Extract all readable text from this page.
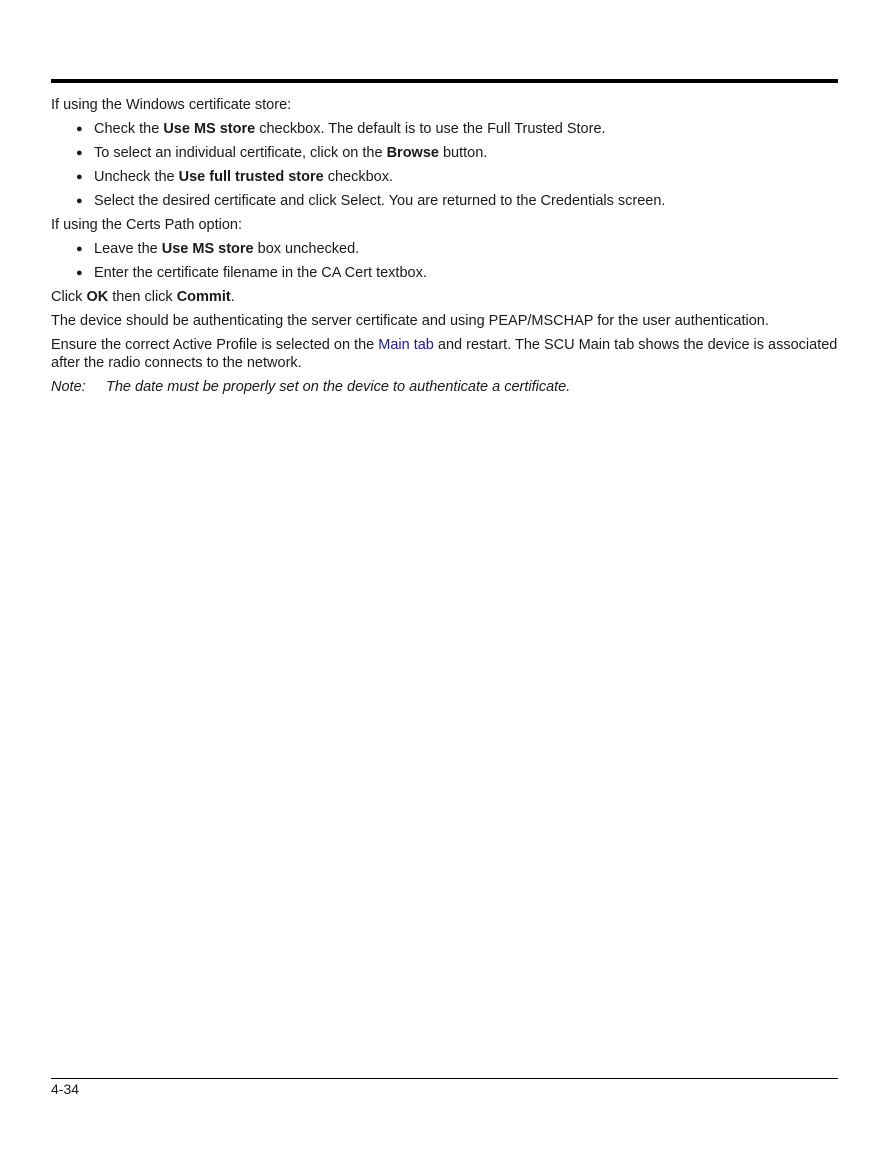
If using the Windows certificate store:

● Check the Use MS store checkbox. The default is to use the Full Trusted Store.
● To select an individual certificate, click on the Browse button.
● Uncheck the Use full trusted store checkbox.
● Select the desired certificate and click Select. You are returned to the Credentials screen.

If using the Certs Path option:

● Leave the Use MS store box unchecked.
● Enter the certificate filename in the CA Cert textbox.

Click OK then click Commit.

The device should be authenticating the server certificate and using PEAP/MSCHAP for the user authentication.

Ensure the correct Active Profile is selected on the Main tab and restart. The SCU Main tab shows the device is associated after the radio connects to the network.

Note:	The date must be properly set on the device to authenticate a certificate.
4-34
